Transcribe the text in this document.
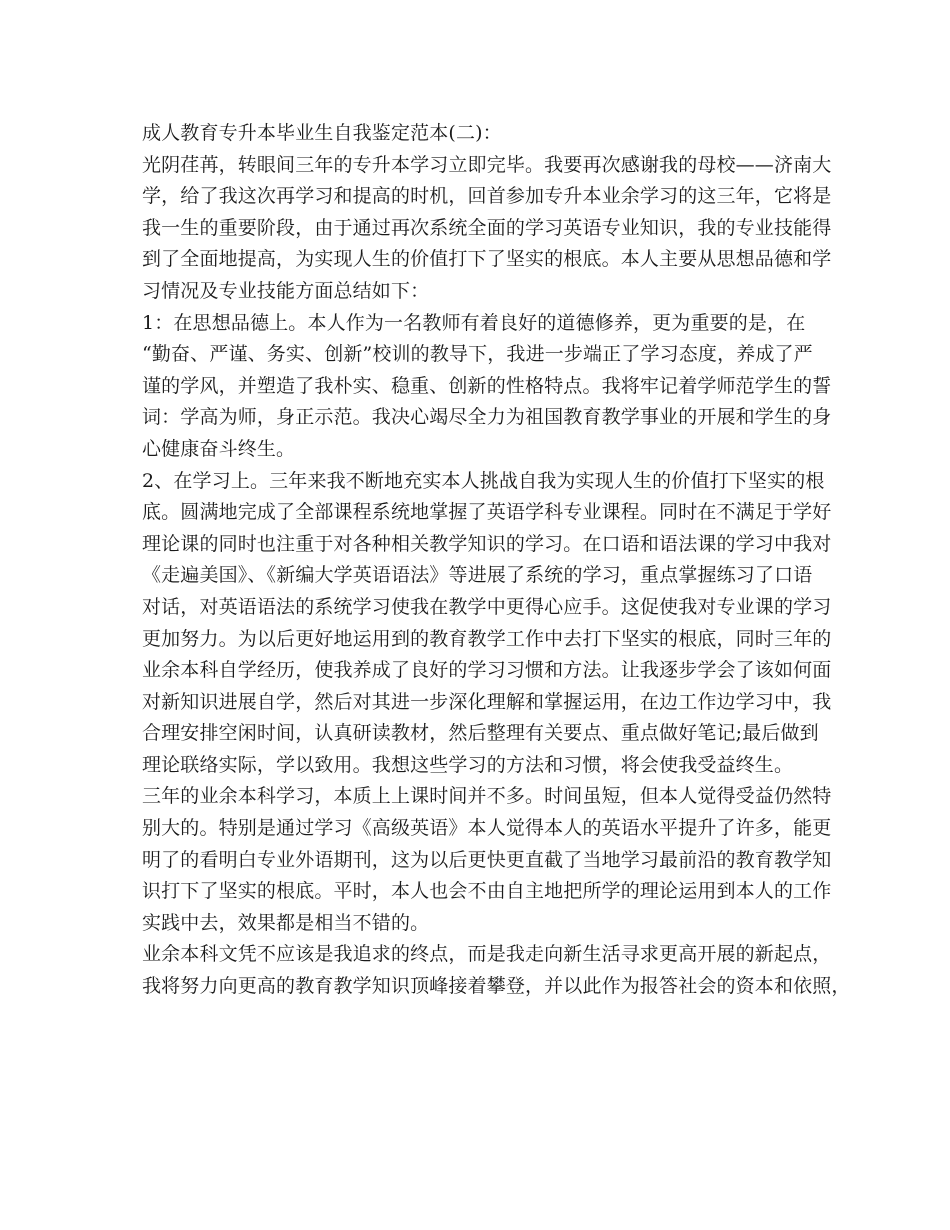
成人教育专升本毕业生自我鉴定范本(二)：
光阴荏苒，转眼间三年的专升本学习立即完毕。我要再次感谢我的母校——济南大
学，给了我这次再学习和提高的时机，回首参加专升本业余学习的这三年，它将是
我一生的重要阶段，由于通过再次系统全面的学习英语专业知识，我的专业技能得
到了全面地提高，为实现人生的价值打下了坚实的根底。本人主要从思想品德和学
习情况及专业技能方面总结如下：
1：在思想品德上。本人作为一名教师有着良好的道德修养，更为重要的是，在
“勤奋、严谨、务实、创新”校训的教导下，我进一步端正了学习态度，养成了严
谨的学风，并塑造了我朴实、稳重、创新的性格特点。我将牢记着学师范学生的誓
词：学高为师，身正示范。我决心竭尽全力为祖国教育教学事业的开展和学生的身
心健康奋斗终生。
2、在学习上。三年来我不断地充实本人挑战自我为实现人生的价值打下坚实的根
底。圆满地完成了全部课程系统地掌握了英语学科专业课程。同时在不满足于学好
理论课的同时也注重于对各种相关教学知识的学习。在口语和语法课的学习中我对
《走遍美国》、《新编大学英语语法》等进展了系统的学习，重点掌握练习了口语
对话，对英语语法的系统学习使我在教学中更得心应手。这促使我对专业课的学习
更加努力。为以后更好地运用到的教育教学工作中去打下坚实的根底，同时三年的
业余本科自学经历，使我养成了良好的学习习惯和方法。让我逐步学会了该如何面
对新知识进展自学，然后对其进一步深化理解和掌握运用，在边工作边学习中，我
合理安排空闲时间，认真研读教材，然后整理有关要点、重点做好笔记;最后做到
理论联络实际，学以致用。我想这些学习的方法和习惯，将会使我受益终生。
三年的业余本科学习，本质上上课时间并不多。时间虽短，但本人觉得受益仍然特
别大的。特别是通过学习《高级英语》本人觉得本人的英语水平提升了许多，能更
明了的看明白专业外语期刊，这为以后更快更直截了当地学习最前沿的教育教学知
识打下了坚实的根底。平时，本人也会不由自主地把所学的理论运用到本人的工作
实践中去，效果都是相当不错的。
业余本科文凭不应该是我追求的终点，而是我走向新生活寻求更高开展的新起点，
我将努力向更高的教育教学知识顶峰接着攀登，并以此作为报答社会的资本和依照，
